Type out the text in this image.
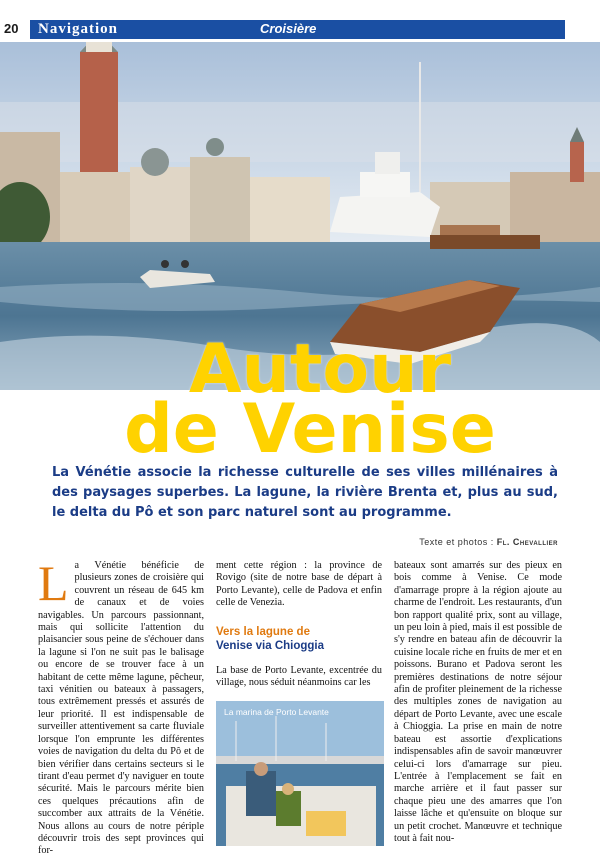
20 Navigation	Croisière
Autour
de Venise
La Vénétie associe la richesse culturelle de ses villes millénaires à des paysages superbes. La lagune, la rivière Brenta et, plus au sud, le delta du Pô et son parc naturel sont au programme.
Texte et photos : Fl. Chevallier
L a Vénétie bénéficie de plusieurs zones de croisière qui couvrent un réseau de 645 km de canaux et de voies navigables. Un parcours passionnant, mais qui sollicite l'attention du plaisancier sous peine de s'échouer dans la lagune si l'on ne suit pas le balisage ou encore de se trouver face à un habitant de cette même lagune, pêcheur, taxi vénitien ou bateaux à passagers, tous extrêmement pressés et assurés de leur priorité. Il est indispensable de surveiller attentivement sa carte fluviale lorsque l'on emprunte les différentes voies de navigation du delta du Pô et de bien vérifier dans certains secteurs si le tirant d'eau permet d'y naviguer en toute sécurité. Mais le parcours mérite bien ces quelques précautions afin de succomber aux attraits de la Vénétie. Nous allons au cours de notre périple découvrir trois des sept provinces qui for-
ment cette région : la province de Rovigo (site de notre base de départ à Porto Levante), celle de Padova et enfin celle de Venezia.
Vers la lagune de
Venise via Chioggia
La base de Porto Levante, excentrée du village, nous séduit néanmoins car les
La marina de Porto Levante
bateaux sont amarrés sur des pieux en bois comme à Venise. Ce mode d'amarrage propre à la région ajoute au charme de l'endroit. Les restaurants, d'un bon rapport qualité prix, sont au village, un peu loin à pied, mais il est possible de s'y rendre en bateau afin de découvrir la cuisine locale riche en fruits de mer et en poissons. Burano et Padova seront les premières destinations de notre séjour afin de profiter pleinement de la richesse des multiples zones de navigation au départ de Porto Levante, avec une escale à Chioggia. La prise en main de notre bateau est assortie d'explications indispensables afin de savoir manœuvrer celui-ci lors d'amarrage sur pieu. L'entrée à l'emplacement se fait en marche arrière et il faut passer sur chaque pieu une des amarres que l'on laisse lâche et qu'ensuite on bloque sur un petit crochet. Manœuvre et technique tout à fait nou-
